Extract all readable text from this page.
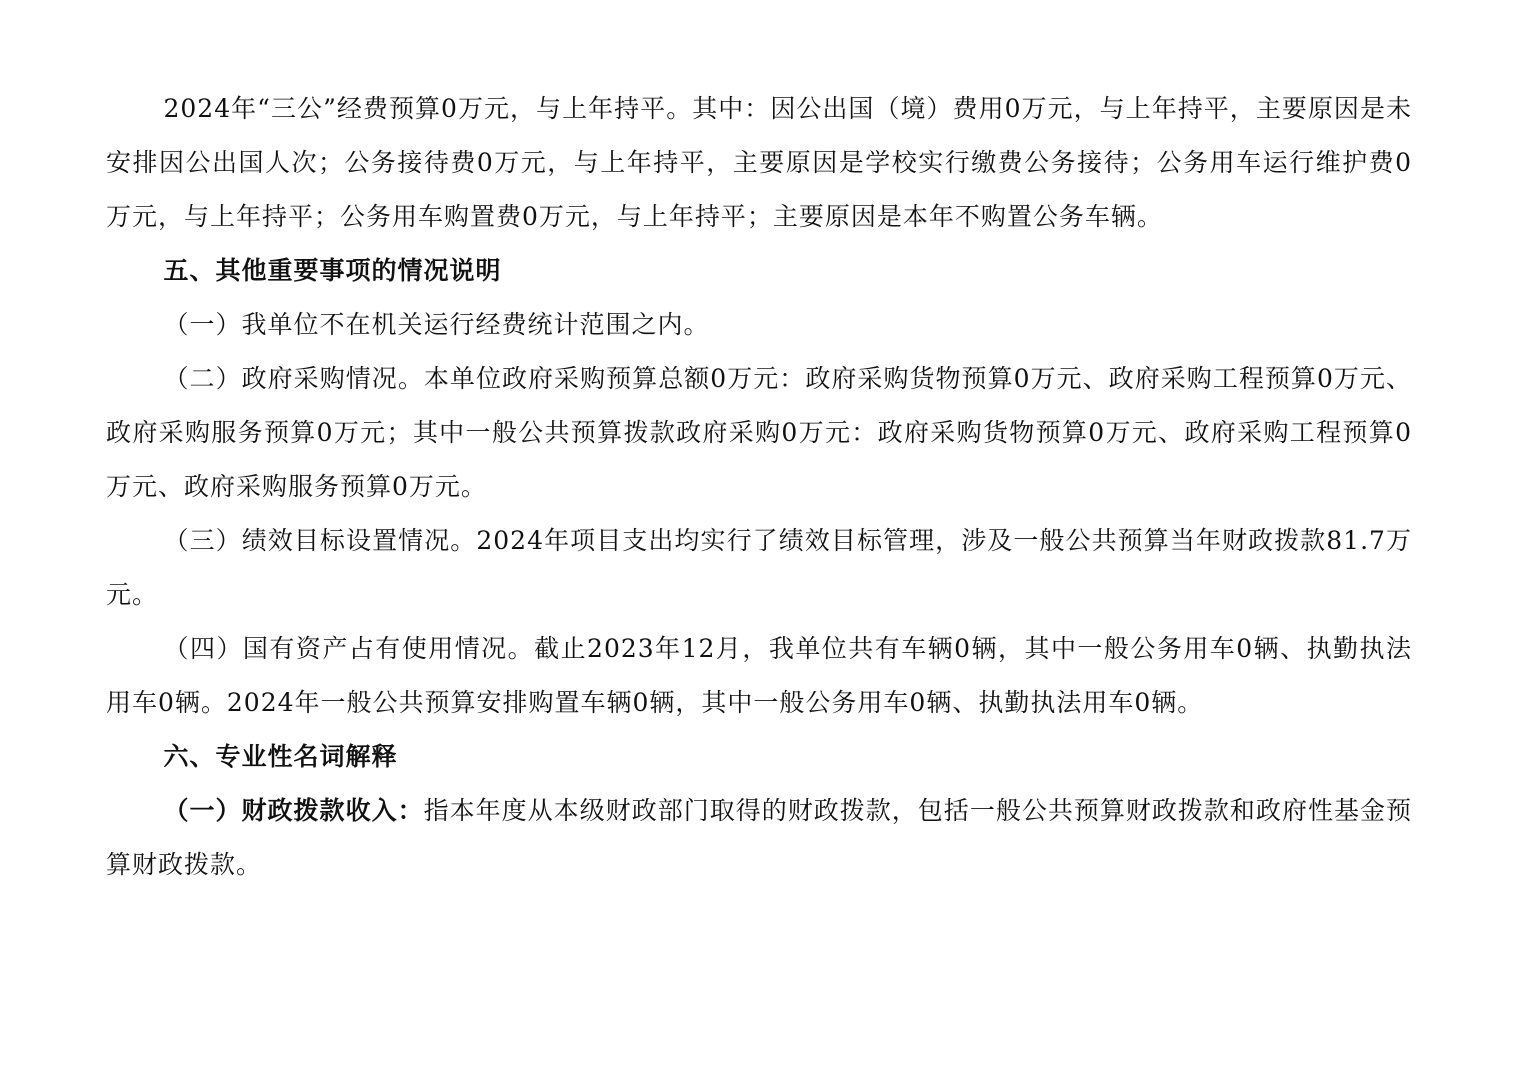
2024年“三公”经费预算0万元，与上年持平。其中：因公出国（境）费用0万元，与上年持平，主要原因是未安排因公出国人次；公务接待费0万元，与上年持平，主要原因是学校实行缴费公务接待；公务用车运行维护费0万元，与上年持平；公务用车购置费0万元，与上年持平；主要原因是本年不购置公务车辆。

五、其他重要事项的情况说明

（一）我单位不在机关运行经费统计范围之内。

（二）政府采购情况。本单位政府采购预算总额0万元：政府采购货物预算0万元、政府采购工程预算0万元、政府采购服务预算0万元；其中一般公共预算拨款政府采购0万元：政府采购货物预算0万元、政府采购工程预算0万元、政府采购服务预算0万元。

（三）绩效目标设置情况。2024年项目支出均实行了绩效目标管理，涉及一般公共预算当年财政拨款81.7万元。

（四）国有资产占有使用情况。截止2023年12月，我单位共有车辆0辆，其中一般公务用车0辆、执勤执法用车0辆。2024年一般公共预算安排购置车辆0辆，其中一般公务用车0辆、执勤执法用车0辆。

六、专业性名词解释

（一）财政拨款收入：指本年度从本级财政部门取得的财政拨款，包括一般公共预算财政拨款和政府性基金预算财政拨款。
